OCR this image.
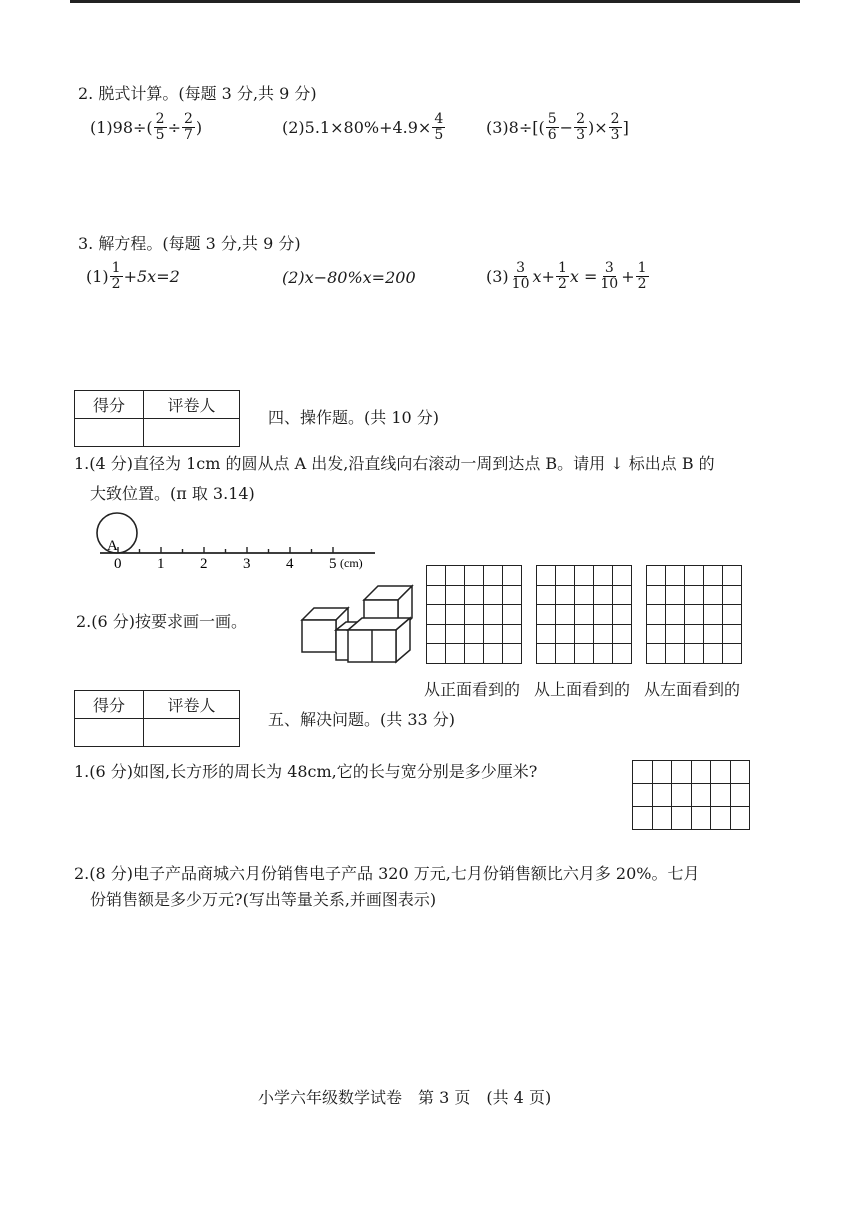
2. 脱式计算。(每题 3 分,共 9 分)
$(1)98\div( \frac{2}{5} \div \frac{2}{7}$ )	$(2)5.1\times 80\%+4.9\times \frac{4}{5}$	$(3)8\div[( \frac{5}{6} - \frac{2}{3}$ )× $\frac{2}{3}$ ]
3. 解方程。(每题 3 分,共 9 分)
$(1) \frac{1}{2} +5x=2$	(2)x−80%x=200	$(3) \frac{3}{10} x+ \frac{1}{2}$ $x = \frac{3}{10} + \frac{1}{2}$
得分	评卷人

四、操作题。(共 10 分)
1.(4 分)直径为 1cm 的圆从点 A 出发,沿直线向右滚动一周到达点 B。请用 ↓ 标出点 B 的
大致位置。(π 取 3.14)
A
0 1 2 3 4 5 (cm)
2.(6 分)按要求画一画。
从正面看到的 从上面看到的 从左面看到的
得分	评卷人

五、解决问题。(共 33 分)
1.(6 分)如图,长方形的周长为 48cm,它的长与宽分别是多少厘米?
2.(8 分)电子产品商城六月份销售电子产品 320 万元,七月份销售额比六月多 20%。七月
份销售额是多少万元?(写出等量关系,并画图表示)
小学六年级数学试卷　第 3 页　(共 4 页)
